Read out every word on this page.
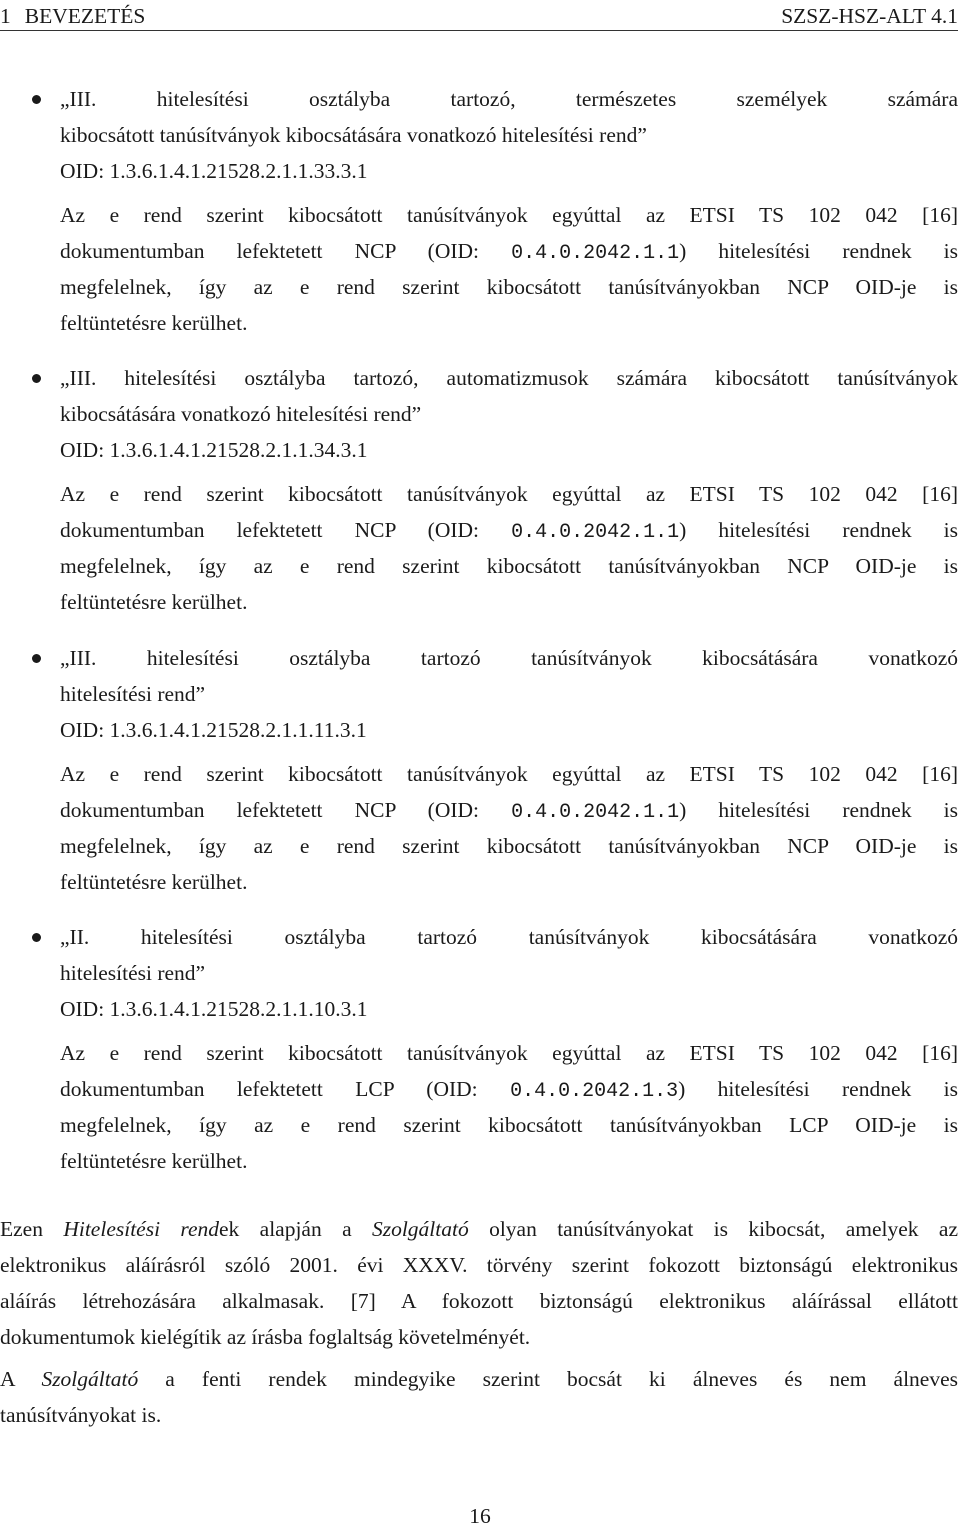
1 BEVEZETÉS	SZSZ-HSZ-ALT 4.1
„III. hitelesítési osztályba tartozó, természetes személyek számára
kibocsátott tanúsítványok kibocsátására vonatkozó hitelesítési rend”
OID: 1.3.6.1.4.1.21528.2.1.1.33.3.1
Az e rend szerint kibocsátott tanúsítványok egyúttal az ETSI TS 102 042 [16]
dokumentumban lefektetett NCP (OID: 0.4.0.2042.1.1) hitelesítési rendnek is
megfelelnek, így az e rend szerint kibocsátott tanúsítványokban NCP OID-je is
feltüntetésre kerülhet.
„III. hitelesítési osztályba tartozó, automatizmusok számára kibocsátott tanúsítványok
kibocsátására vonatkozó hitelesítési rend”
OID: 1.3.6.1.4.1.21528.2.1.1.34.3.1
Az e rend szerint kibocsátott tanúsítványok egyúttal az ETSI TS 102 042 [16]
dokumentumban lefektetett NCP (OID: 0.4.0.2042.1.1) hitelesítési rendnek is
megfelelnek, így az e rend szerint kibocsátott tanúsítványokban NCP OID-je is
feltüntetésre kerülhet.
„III. hitelesítési osztályba tartozó tanúsítványok kibocsátására vonatkozó
hitelesítési rend”
OID: 1.3.6.1.4.1.21528.2.1.1.11.3.1
Az e rend szerint kibocsátott tanúsítványok egyúttal az ETSI TS 102 042 [16]
dokumentumban lefektetett NCP (OID: 0.4.0.2042.1.1) hitelesítési rendnek is
megfelelnek, így az e rend szerint kibocsátott tanúsítványokban NCP OID-je is
feltüntetésre kerülhet.
„II. hitelesítési osztályba tartozó tanúsítványok kibocsátására vonatkozó
hitelesítési rend”
OID: 1.3.6.1.4.1.21528.2.1.1.10.3.1
Az e rend szerint kibocsátott tanúsítványok egyúttal az ETSI TS 102 042 [16]
dokumentumban lefektetett LCP (OID: 0.4.0.2042.1.3) hitelesítési rendnek is
megfelelnek, így az e rend szerint kibocsátott tanúsítványokban LCP OID-je is
feltüntetésre kerülhet.
Ezen Hitelesítési rendek alapján a Szolgáltató olyan tanúsítványokat is kibocsát, amelyek az
elektronikus aláírásról szóló 2001. évi XXXV. törvény szerint fokozott biztonságú elektronikus
aláírás létrehozására alkalmasak. [7] A fokozott biztonságú elektronikus aláírással ellátott
dokumentumok kielégítik az írásba foglaltság követelményét.
A Szolgáltató a fenti rendek mindegyike szerint bocsát ki álneves és nem álneves
tanúsítványokat is.
16
